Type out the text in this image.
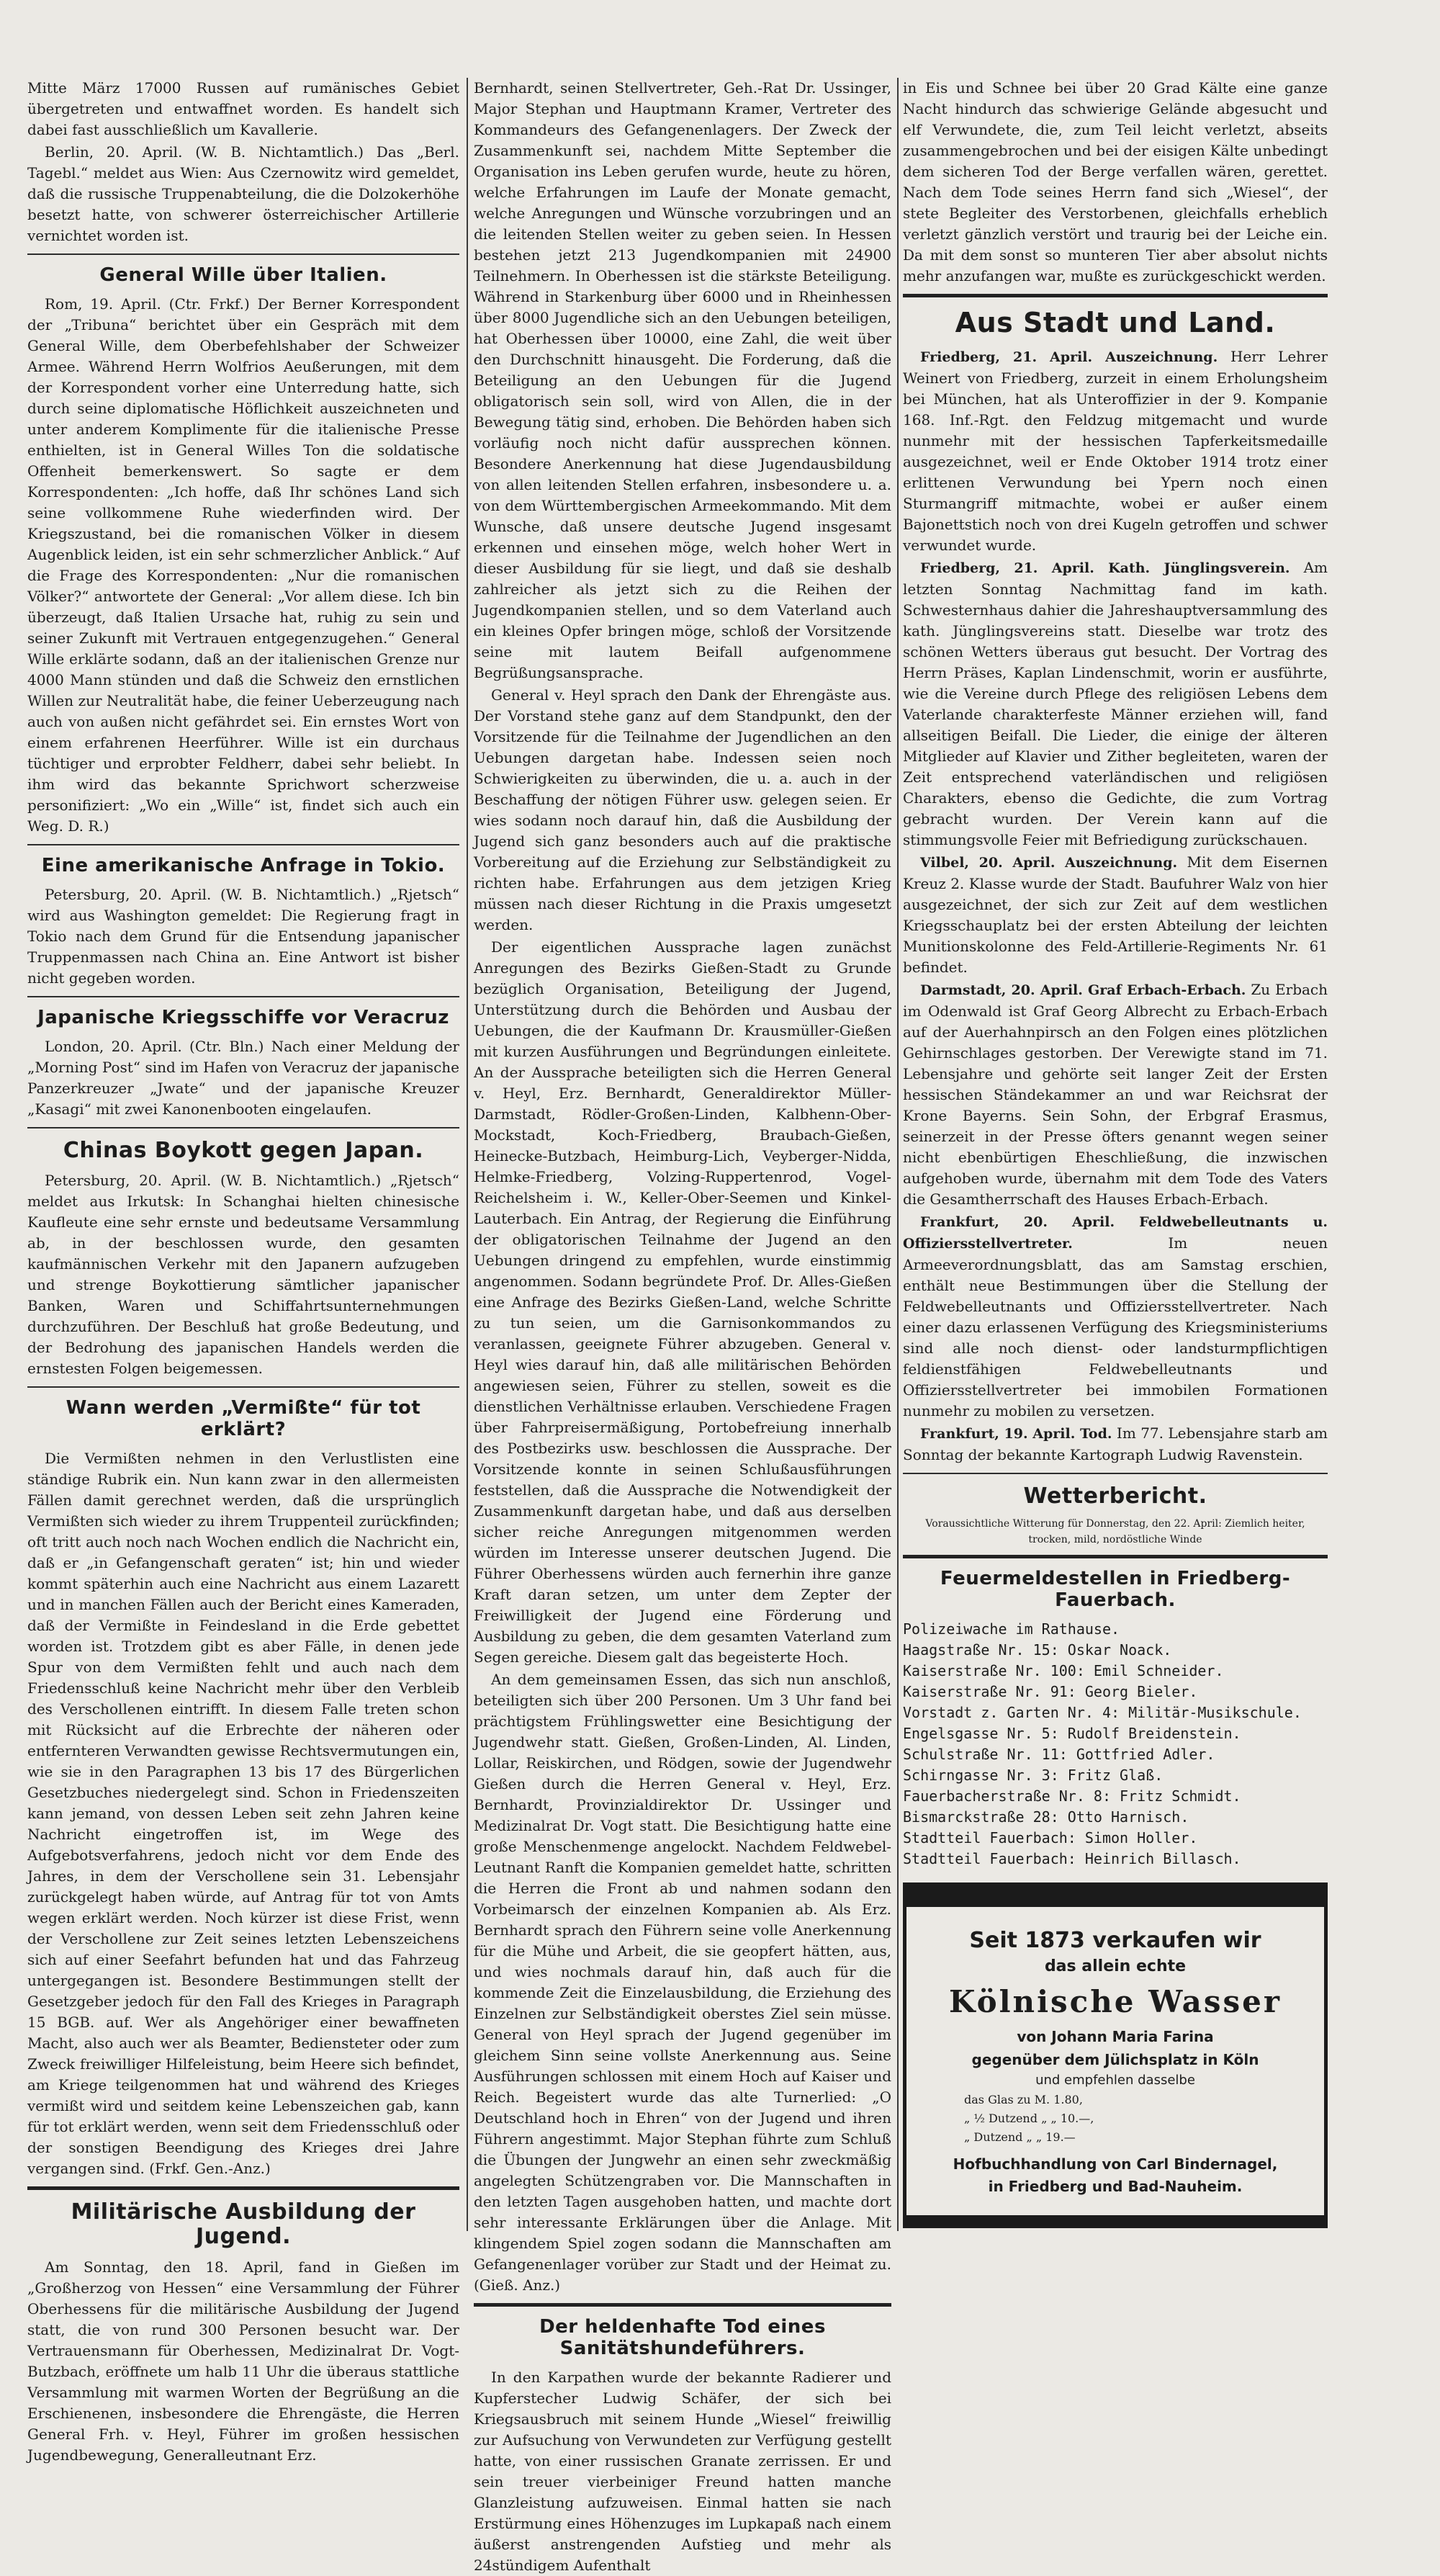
Mitte März 17000 Russen auf rumänisches Gebiet übergetreten und entwaffnet worden. Es handelt sich dabei fast ausschließlich um Kavallerie.

Berlin, 20. April. (W. B. Nichtamtlich.) Das „Berl. Tagebl.“ meldet aus Wien: Aus Czernowitz wird gemeldet, daß die russische Truppenabteilung, die die Dolzokerhöhe besetzt hatte, von schwerer österreichischer Artillerie vernichtet worden ist.

General Wille über Italien.

Rom, 19. April. (Ctr. Frkf.) Der Berner Korrespondent der „Tribuna“ berichtet über ein Gespräch mit dem General Wille, dem Oberbefehlshaber der Schweizer Armee. Während Herrn Wolfrios Aeußerungen, mit dem der Korrespondent vorher eine Unterredung hatte, sich durch seine diplomatische Höflichkeit auszeichneten und unter anderem Komplimente für die italienische Presse enthielten, ist in General Willes Ton die soldatische Offenheit bemerkenswert. So sagte er dem Korrespondenten: „Ich hoffe, daß Ihr schönes Land sich seine vollkommene Ruhe wiederfinden wird. Der Kriegszustand, bei die romanischen Völker in diesem Augenblick leiden, ist ein sehr schmerzlicher Anblick.“ Auf die Frage des Korrespondenten: „Nur die romanischen Völker?“ antwortete der General: „Vor allem diese. Ich bin überzeugt, daß Italien Ursache hat, ruhig zu sein und seiner Zukunft mit Vertrauen entgegenzugehen.“ General Wille erklärte sodann, daß an der italienischen Grenze nur 4000 Mann stünden und daß die Schweiz den ernstlichen Willen zur Neutralität habe, die feiner Ueberzeugung nach auch von außen nicht gefährdet sei. Ein ernstes Wort von einem erfahrenen Heerführer. Wille ist ein durchaus tüchtiger und erprobter Feldherr, dabei sehr beliebt. In ihm wird das bekannte Sprichwort scherzweise personifiziert: „Wo ein „Wille“ ist, findet sich auch ein Weg. D. R.)

Eine amerikanische Anfrage in Tokio.

Petersburg, 20. April. (W. B. Nichtamtlich.) „Rjetsch“ wird aus Washington gemeldet: Die Regierung fragt in Tokio nach dem Grund für die Entsendung japanischer Truppenmassen nach China an. Eine Antwort ist bisher nicht gegeben worden.

Japanische Kriegsschiffe vor Veracruz

London, 20. April. (Ctr. Bln.) Nach einer Meldung der „Morning Post“ sind im Hafen von Veracruz der japanische Panzerkreuzer „Jwate“ und der japanische Kreuzer „Kasagi“ mit zwei Kanonenbooten eingelaufen.

Chinas Boykott gegen Japan.

Petersburg, 20. April. (W. B. Nichtamtlich.) „Rjetsch“ meldet aus Irkutsk: In Schanghai hielten chinesische Kaufleute eine sehr ernste und bedeutsame Versammlung ab, in der beschlossen wurde, den gesamten kaufmännischen Verkehr mit den Japanern aufzugeben und strenge Boykottierung sämtlicher japanischer Banken, Waren und Schiffahrtsunternehmungen durchzuführen. Der Beschluß hat große Bedeutung, und der Bedrohung des japanischen Handels werden die ernstesten Folgen beigemessen.

Wann werden „Vermißte“ für tot erklärt?

Die Vermißten nehmen in den Verlustlisten eine ständige Rubrik ein. Nun kann zwar in den allermeisten Fällen damit gerechnet werden, daß die ursprünglich Vermißten sich wieder zu ihrem Truppenteil zurückfinden; oft tritt auch noch nach Wochen endlich die Nachricht ein, daß er „in Gefangenschaft geraten“ ist; hin und wieder kommt späterhin auch eine Nachricht aus einem Lazarett und in manchen Fällen auch der Bericht eines Kameraden, daß der Vermißte in Feindesland in die Erde gebettet worden ist. Trotzdem gibt es aber Fälle, in denen jede Spur von dem Vermißten fehlt und auch nach dem Friedensschluß keine Nachricht mehr über den Verbleib des Verschollenen eintrifft. In diesem Falle treten schon mit Rücksicht auf die Erbrechte der näheren oder entfernteren Verwandten gewisse Rechtsvermutungen ein, wie sie in den Paragraphen 13 bis 17 des Bürgerlichen Gesetzbuches niedergelegt sind. Schon in Friedenszeiten kann jemand, von dessen Leben seit zehn Jahren keine Nachricht eingetroffen ist, im Wege des Aufgebotsverfahrens, jedoch nicht vor dem Ende des Jahres, in dem der Verschollene sein 31. Lebensjahr zurückgelegt haben würde, auf Antrag für tot von Amts wegen erklärt werden. Noch kürzer ist diese Frist, wenn der Verschollene zur Zeit seines letzten Lebenszeichens sich auf einer Seefahrt befunden hat und das Fahrzeug untergegangen ist. Besondere Bestimmungen stellt der Gesetzgeber jedoch für den Fall des Krieges in Paragraph 15 BGB. auf. Wer als Angehöriger einer bewaffneten Macht, also auch wer als Beamter, Bediensteter oder zum Zweck freiwilliger Hilfeleistung, beim Heere sich befindet, am Kriege teilgenommen hat und während des Krieges vermißt wird und seitdem keine Lebenszeichen gab, kann für tot erklärt werden, wenn seit dem Friedensschluß oder der sonstigen Beendigung des Krieges drei Jahre vergangen sind. (Frkf. Gen.-Anz.)

Militärische Ausbildung der Jugend.

Am Sonntag, den 18. April, fand in Gießen im „Großherzog von Hessen“ eine Versammlung der Führer Oberhessens für die militärische Ausbildung der Jugend statt, die von rund 300 Personen besucht war. Der Vertrauensmann für Oberhessen, Medizinalrat Dr. Vogt-Butzbach, eröffnete um halb 11 Uhr die überaus stattliche Versammlung mit warmen Worten der Begrüßung an die Erschienenen, insbesondere die Ehrengäste, die Herren General Frh. v. Heyl, Führer im großen hessischen Jugendbewegung, Generalleutnant Erz.

Bernhardt, seinen Stellvertreter, Geh.-Rat Dr. Ussinger, Major Stephan und Hauptmann Kramer, Vertreter des Kommandeurs des Gefangenenlagers. Der Zweck der Zusammenkunft sei, nachdem Mitte September die Organisation ins Leben gerufen wurde, heute zu hören, welche Erfahrungen im Laufe der Monate gemacht, welche Anregungen und Wünsche vorzubringen und an die leitenden Stellen weiter zu geben seien. In Hessen bestehen jetzt 213 Jugendkompanien mit 24900 Teilnehmern. In Oberhessen ist die stärkste Beteiligung. Während in Starkenburg über 6000 und in Rheinhessen über 8000 Jugendliche sich an den Uebungen beteiligen, hat Oberhessen über 10000, eine Zahl, die weit über den Durchschnitt hinausgeht. Die Forderung, daß die Beteiligung an den Uebungen für die Jugend obligatorisch sein soll, wird von Allen, die in der Bewegung tätig sind, erhoben. Die Behörden haben sich vorläufig noch nicht dafür aussprechen können. Besondere Anerkennung hat diese Jugendausbildung von allen leitenden Stellen erfahren, insbesondere u. a. von dem Württembergischen Armeekommando. Mit dem Wunsche, daß unsere deutsche Jugend insgesamt erkennen und einsehen möge, welch hoher Wert in dieser Ausbildung für sie liegt, und daß sie deshalb zahlreicher als jetzt sich zu die Reihen der Jugendkompanien stellen, und so dem Vaterland auch ein kleines Opfer bringen möge, schloß der Vorsitzende seine mit lautem Beifall aufgenommene Begrüßungsansprache.

General v. Heyl sprach den Dank der Ehrengäste aus. Der Vorstand stehe ganz auf dem Standpunkt, den der Vorsitzende für die Teilnahme der Jugendlichen an den Uebungen dargetan habe. Indessen seien noch Schwierigkeiten zu überwinden, die u. a. auch in der Beschaffung der nötigen Führer usw. gelegen seien. Er wies sodann noch darauf hin, daß die Ausbildung der Jugend sich ganz besonders auch auf die praktische Vorbereitung auf die Erziehung zur Selbständigkeit zu richten habe. Erfahrungen aus dem jetzigen Krieg müssen nach dieser Richtung in die Praxis umgesetzt werden.

Der eigentlichen Aussprache lagen zunächst Anregungen des Bezirks Gießen-Stadt zu Grunde bezüglich Organisation, Beteiligung der Jugend, Unterstützung durch die Behörden und Ausbau der Uebungen, die der Kaufmann Dr. Krausmüller-Gießen mit kurzen Ausführungen und Begründungen einleitete. An der Aussprache beteiligten sich die Herren General v. Heyl, Erz. Bernhardt, Generaldirektor Müller-Darmstadt, Rödler-Großen-Linden, Kalbhenn-Ober-Mockstadt, Koch-Friedberg, Braubach-Gießen, Heinecke-Butzbach, Heimburg-Lich, Veyberger-Nidda, Helmke-Friedberg, Volzing-Ruppertenrod, Vogel-Reichelsheim i. W., Keller-Ober-Seemen und Kinkel-Lauterbach. Ein Antrag, der Regierung die Einführung der obligatorischen Teilnahme der Jugend an den Uebungen dringend zu empfehlen, wurde einstimmig angenommen. Sodann begründete Prof. Dr. Alles-Gießen eine Anfrage des Bezirks Gießen-Land, welche Schritte zu tun seien, um die Garnisonkommandos zu veranlassen, geeignete Führer abzugeben. General v. Heyl wies darauf hin, daß alle militärischen Behörden angewiesen seien, Führer zu stellen, soweit es die dienstlichen Verhältnisse erlauben. Verschiedene Fragen über Fahrpreisermäßigung, Portobefreiung innerhalb des Postbezirks usw. beschlossen die Aussprache. Der Vorsitzende konnte in seinen Schlußausführungen feststellen, daß die Aussprache die Notwendigkeit der Zusammenkunft dargetan habe, und daß aus derselben sicher reiche Anregungen mitgenommen werden würden im Interesse unserer deutschen Jugend. Die Führer Oberhessens würden auch fernerhin ihre ganze Kraft daran setzen, um unter dem Zepter der Freiwilligkeit der Jugend eine Förderung und Ausbildung zu geben, die dem gesamten Vaterland zum Segen gereiche. Diesem galt das begeisterte Hoch.

An dem gemeinsamen Essen, das sich nun anschloß, beteiligten sich über 200 Personen. Um 3 Uhr fand bei prächtigstem Frühlingswetter eine Besichtigung der Jugendwehr statt. Gießen, Großen-Linden, Al. Linden, Lollar, Reiskirchen, und Rödgen, sowie der Jugendwehr Gießen durch die Herren General v. Heyl, Erz. Bernhardt, Provinzialdirektor Dr. Ussinger und Medizinalrat Dr. Vogt statt. Die Besichtigung hatte eine große Menschenmenge angelockt. Nachdem Feldwebel-Leutnant Ranft die Kompanien gemeldet hatte, schritten die Herren die Front ab und nahmen sodann den Vorbeimarsch der einzelnen Kompanien ab. Als Erz. Bernhardt sprach den Führern seine volle Anerkennung für die Mühe und Arbeit, die sie geopfert hätten, aus, und wies nochmals darauf hin, daß auch für die kommende Zeit die Einzelausbildung, die Erziehung des Einzelnen zur Selbständigkeit oberstes Ziel sein müsse. General von Heyl sprach der Jugend gegenüber im gleichem Sinn seine vollste Anerkennung aus. Seine Ausführungen schlossen mit einem Hoch auf Kaiser und Reich. Begeistert wurde das alte Turnerlied: „O Deutschland hoch in Ehren“ von der Jugend und ihren Führern angestimmt. Major Stephan führte zum Schluß die Übungen der Jungwehr an einen sehr zweckmäßig angelegten Schützengraben vor. Die Mannschaften in den letzten Tagen ausgehoben hatten, und machte dort sehr interessante Erklärungen über die Anlage. Mit klingendem Spiel zogen sodann die Mannschaften am Gefangenenlager vorüber zur Stadt und der Heimat zu. (Gieß. Anz.)

Der heldenhafte Tod eines Sanitätshundeführers.

In den Karpathen wurde der bekannte Radierer und Kupferstecher Ludwig Schäfer, der sich bei Kriegsausbruch mit seinem Hunde „Wiesel“ freiwillig zur Aufsuchung von Verwundeten zur Verfügung gestellt hatte, von einer russischen Granate zerrissen. Er und sein treuer vierbeiniger Freund hatten manche Glanzleistung aufzuweisen. Einmal hatten sie nach Erstürmung eines Höhenzuges im Lupkapaß nach einem äußerst anstrengenden Aufstieg und mehr als 24stündigem Aufenthalt

in Eis und Schnee bei über 20 Grad Kälte eine ganze Nacht hindurch das schwierige Gelände abgesucht und elf Verwundete, die, zum Teil leicht verletzt, abseits zusammengebrochen und bei der eisigen Kälte unbedingt dem sicheren Tod der Berge verfallen wären, gerettet. Nach dem Tode seines Herrn fand sich „Wiesel“, der stete Begleiter des Verstorbenen, gleichfalls erheblich verletzt gänzlich verstört und traurig bei der Leiche ein. Da mit dem sonst so munteren Tier aber absolut nichts mehr anzufangen war, mußte es zurückgeschickt werden.

Aus Stadt und Land.

Friedberg, 21. April. Auszeichnung. Herr Lehrer Weinert von Friedberg, zurzeit in einem Erholungsheim bei München, hat als Unteroffizier in der 9. Kompanie 168. Inf.-Rgt. den Feldzug mitgemacht und wurde nunmehr mit der hessischen Tapferkeitsmedaille ausgezeichnet, weil er Ende Oktober 1914 trotz einer erlittenen Verwundung bei Ypern noch einen Sturmangriff mitmachte, wobei er außer einem Bajonettstich noch von drei Kugeln getroffen und schwer verwundet wurde.

Friedberg, 21. April. Kath. Jünglingsverein. Am letzten Sonntag Nachmittag fand im kath. Schwesternhaus dahier die Jahreshauptversammlung des kath. Jünglingsvereins statt. Dieselbe war trotz des schönen Wetters überaus gut besucht. Der Vortrag des Herrn Präses, Kaplan Lindenschmit, worin er ausführte, wie die Vereine durch Pflege des religiösen Lebens dem Vaterlande charakterfeste Männer erziehen will, fand allseitigen Beifall. Die Lieder, die einige der älteren Mitglieder auf Klavier und Zither begleiteten, waren der Zeit entsprechend vaterländischen und religiösen Charakters, ebenso die Gedichte, die zum Vortrag gebracht wurden. Der Verein kann auf die stimmungsvolle Feier mit Befriedigung zurückschauen.

Vilbel, 20. April. Auszeichnung. Mit dem Eisernen Kreuz 2. Klasse wurde der Stadt. Baufuhrer Walz von hier ausgezeichnet, der sich zur Zeit auf dem westlichen Kriegsschauplatz bei der ersten Abteilung der leichten Munitionskolonne des Feld-Artillerie-Regiments Nr. 61 befindet.

Darmstadt, 20. April. Graf Erbach-Erbach. Zu Erbach im Odenwald ist Graf Georg Albrecht zu Erbach-Erbach auf der Auerhahnpirsch an den Folgen eines plötzlichen Gehirnschlages gestorben. Der Verewigte stand im 71. Lebensjahre und gehörte seit langer Zeit der Ersten hessischen Ständekammer an und war Reichsrat der Krone Bayerns. Sein Sohn, der Erbgraf Erasmus, seinerzeit in der Presse öfters genannt wegen seiner nicht ebenbürtigen Eheschließung, die inzwischen aufgehoben wurde, übernahm mit dem Tode des Vaters die Gesamtherrschaft des Hauses Erbach-Erbach.

Frankfurt, 20. April. Feldwebelleutnants u. Offiziersstellvertreter.	Im neuen Armeeverordnungsblatt, das am Samstag erschien, enthält neue Bestimmungen über die Stellung der Feldwebelleutnants und Offiziersstellvertreter. Nach einer dazu erlassenen Verfügung des Kriegsministeriums sind alle noch dienst- oder landsturmpflichtigen feldienstfähigen Feldwebelleutnants und Offiziersstellvertreter bei immobilen Formationen nunmehr zu mobilen zu versetzen.

Frankfurt, 19. April. Tod. Im 77. Lebensjahre starb am Sonntag der bekannte Kartograph Ludwig Ravenstein.

Wetterbericht.
Voraussichtliche Witterung für Donnerstag, den 22. April: Ziemlich heiter, trocken, mild, nordöstliche Winde
Feuermeldestellen in Friedberg-Fauerbach.

Polizeiwache im Rathause.

Haagstraße Nr. 15: Oskar Noack.

Kaiserstraße Nr. 100: Emil Schneider.

Kaiserstraße Nr. 91: Georg Bieler.

Vorstadt z. Garten Nr. 4: Militär-Musikschule.

Engelsgasse Nr. 5: Rudolf Breidenstein.

Schulstraße Nr. 11: Gottfried Adler.

Schirngasse Nr. 3: Fritz Glaß.

Fauerbacherstraße Nr. 8: Fritz Schmidt.

Bismarckstraße 28: Otto Harnisch.

Stadtteil Fauerbach: Simon Holler.

Stadtteil Fauerbach: Heinrich Billasch.

Seit 1873 verkaufen wir
das allein echte
Kölnische Wasser
von Johann Maria Farina
gegenüber dem Jülichsplatz in Köln
und empfehlen dasselbe
das Glas zu M. 1.80,
„ ½ Dutzend „ „ 10.—,
„ Dutzend „ „ 19.—
Hofbuchhandlung von Carl Bindernagel,
in Friedberg und Bad-Nauheim.
